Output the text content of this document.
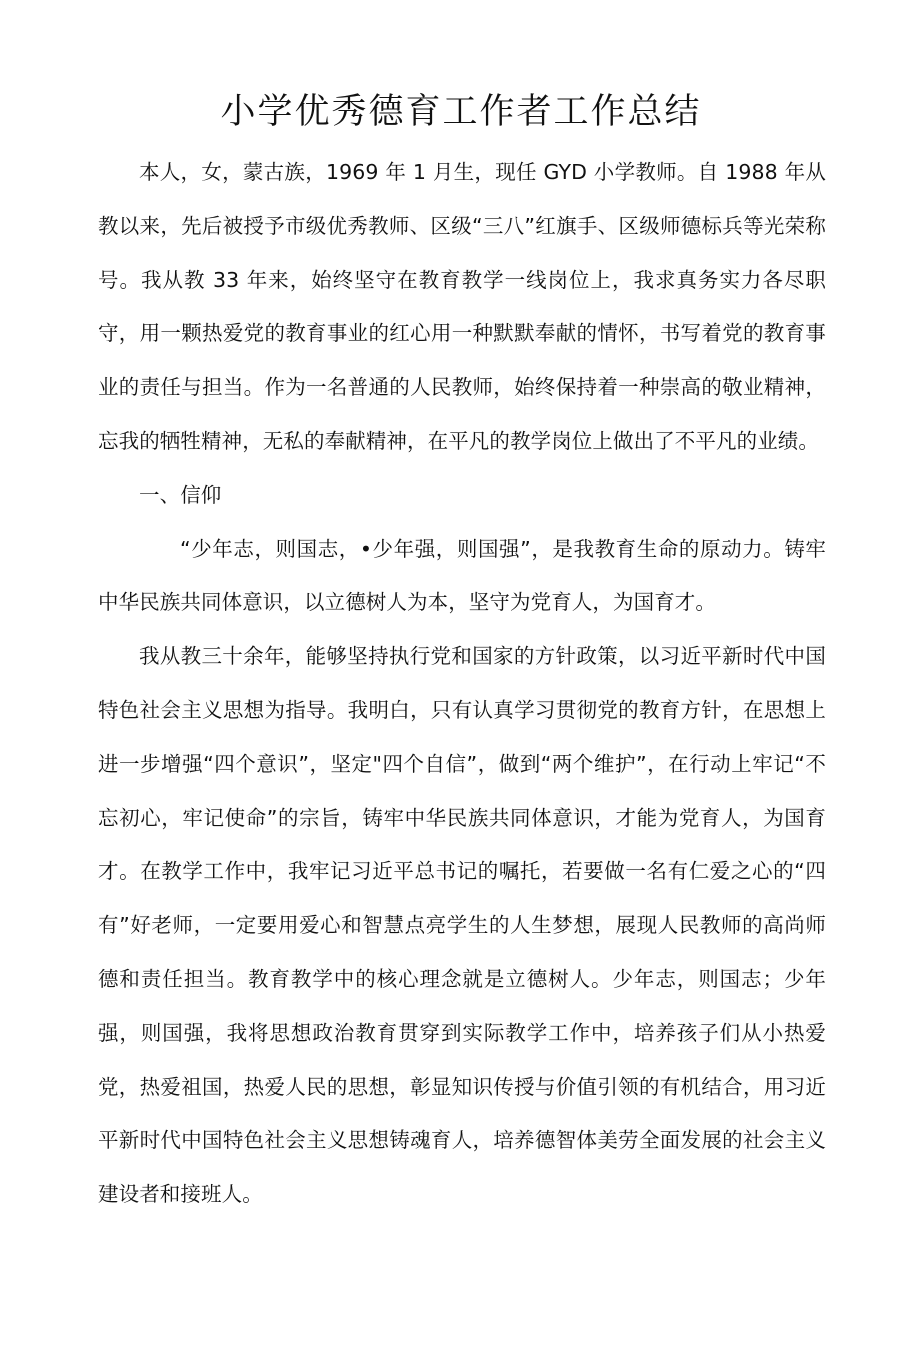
小学优秀德育工作者工作总结

本人，女，蒙古族，1969 年 1 月生，现任 GYD 小学教师。自 1988 年从教以来，先后被授予市级优秀教师、区级“三八”红旗手、区级师德标兵等光荣称号。我从教 33 年来，始终坚守在教育教学一线岗位上，我求真务实力各尽职守，用一颗热爱党的教育事业的红心用一种默默奉献的情怀，书写着党的教育事业的责任与担当。作为一名普通的人民教师，始终保持着一种崇高的敬业精神，忘我的牺牲精神，无私的奉献精神，在平凡的教学岗位上做出了不平凡的业绩。

一、信仰

“少年志，则国志，•少年强，则国强”，是我教育生命的原动力。铸牢中华民族共同体意识，以立德树人为本，坚守为党育人，为国育才。

我从教三十余年，能够坚持执行党和国家的方针政策，以习近平新时代中国特色社会主义思想为指导。我明白，只有认真学习贯彻党的教育方针，在思想上进一步增强“四个意识”，坚定"四个自信”，做到“两个维护”，在行动上牢记“不忘初心，牢记使命”的宗旨，铸牢中华民族共同体意识，才能为党育人，为国育才。在教学工作中，我牢记习近平总书记的嘱托，若要做一名有仁爱之心的“四有”好老师，一定要用爱心和智慧点亮学生的人生梦想，展现人民教师的高尚师德和责任担当。教育教学中的核心理念就是立德树人。少年志，则国志；少年强，则国强，我将思想政治教育贯穿到实际教学工作中，培养孩子们从小热爱党，热爱祖国，热爱人民的思想，彰显知识传授与价值引领的有机结合，用习近平新时代中国特色社会主义思想铸魂育人，培养德智体美劳全面发展的社会主义建设者和接班人。
